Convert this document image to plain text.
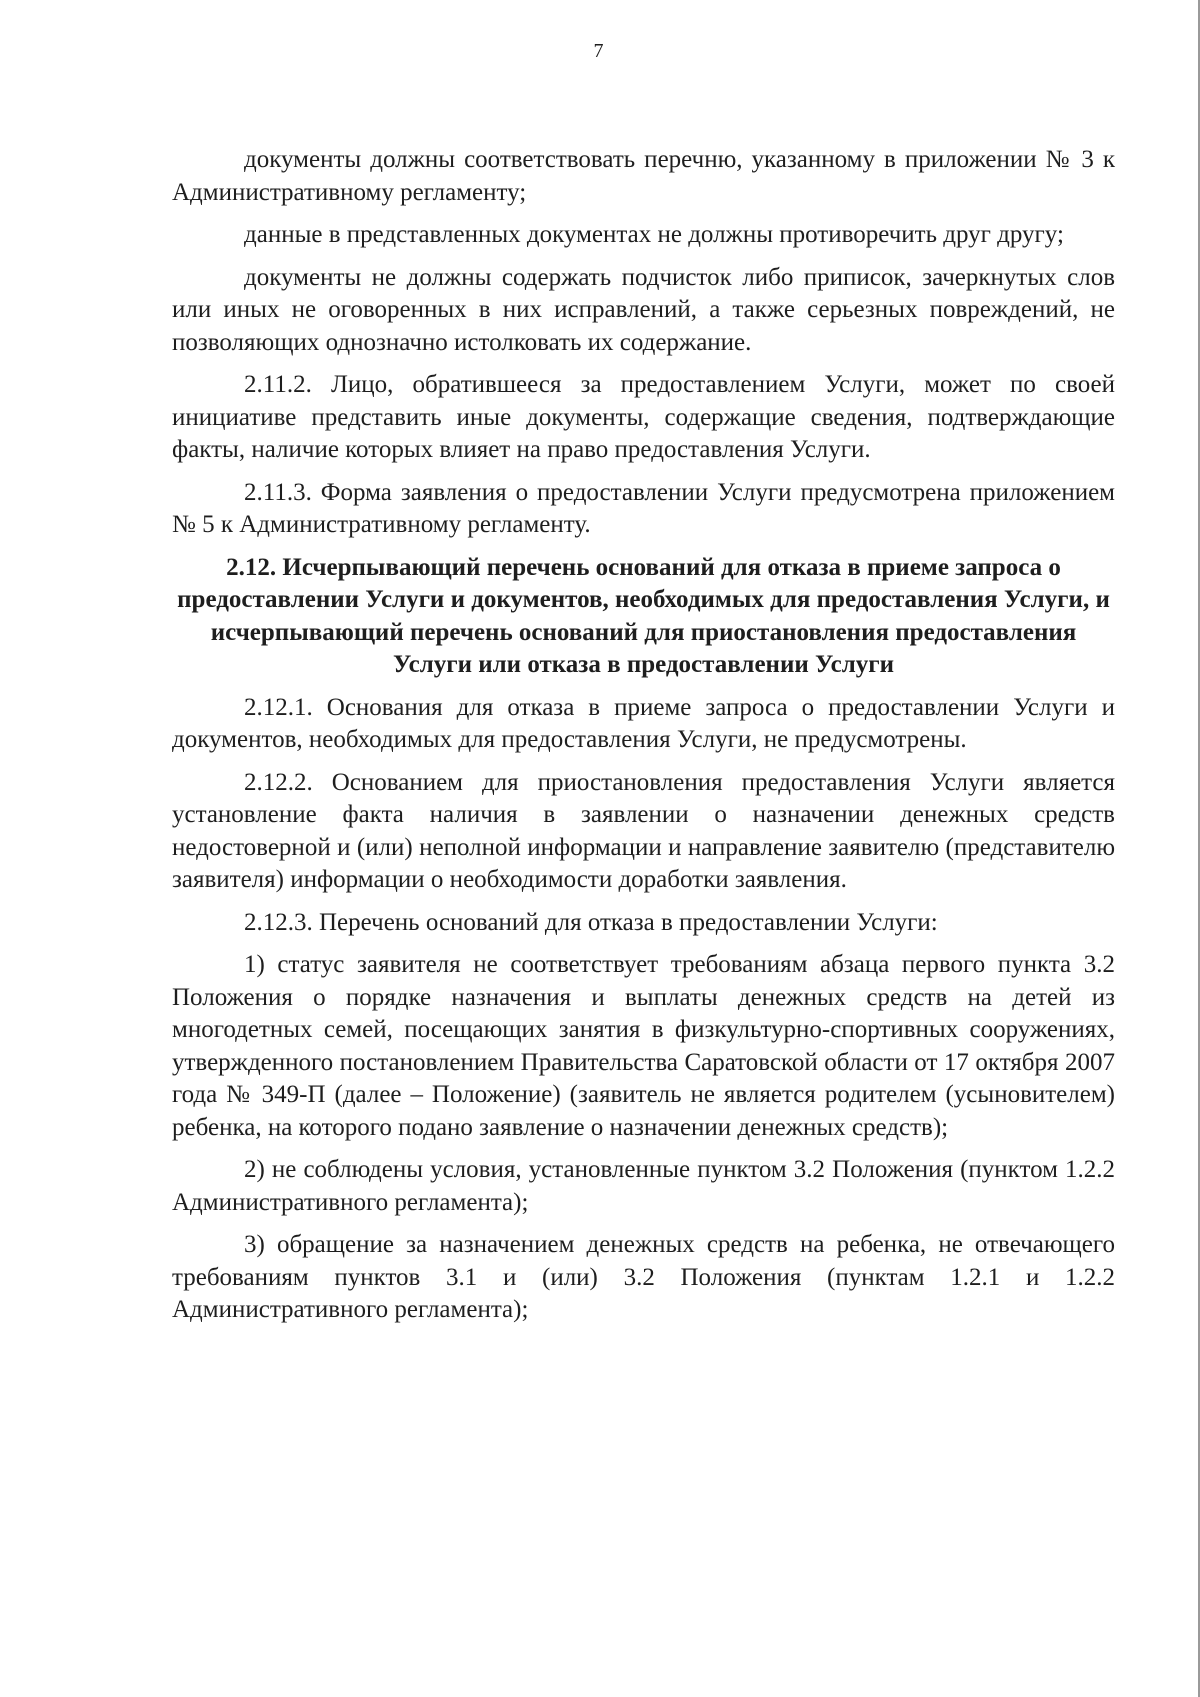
7

документы должны соответствовать перечню, указанному в приложении № 3 к Административному регламенту;

данные в представленных документах не должны противоречить друг другу;

документы не должны содержать подчисток либо приписок, зачеркнутых слов или иных не оговоренных в них исправлений, а также серьезных повреждений, не позволяющих однозначно истолковать их содержание.

2.11.2. Лицо, обратившееся за предоставлением Услуги, может по своей инициативе представить иные документы, содержащие сведения, подтверждающие факты, наличие которых влияет на право предоставления Услуги.

2.11.3. Форма заявления о предоставлении Услуги предусмотрена приложением № 5 к Административному регламенту.

2.12. Исчерпывающий перечень оснований для отказа в приеме запроса о предоставлении Услуги и документов, необходимых для предоставления Услуги, и исчерпывающий перечень оснований для приостановления предоставления Услуги или отказа в предоставлении Услуги

2.12.1. Основания для отказа в приеме запроса о предоставлении Услуги и документов, необходимых для предоставления Услуги, не предусмотрены.

2.12.2. Основанием для приостановления предоставления Услуги является установление факта наличия в заявлении о назначении денежных средств недостоверной и (или) неполной информации и направление заявителю (представителю заявителя) информации о необходимости доработки заявления.

2.12.3. Перечень оснований для отказа в предоставлении Услуги:

1) статус заявителя не соответствует требованиям абзаца первого пункта 3.2 Положения о порядке назначения и выплаты денежных средств на детей из многодетных семей, посещающих занятия в физкультурно-спортивных сооружениях, утвержденного постановлением Правительства Саратовской области от 17 октября 2007 года № 349-П (далее – Положение) (заявитель не является родителем (усыновителем) ребенка, на которого подано заявление о назначении денежных средств);

2) не соблюдены условия, установленные пунктом 3.2 Положения (пунктом 1.2.2 Административного регламента);

3) обращение за назначением денежных средств на ребенка, не отвечающего требованиям пунктов 3.1 и (или) 3.2 Положения (пунктам 1.2.1 и 1.2.2 Административного регламента);
